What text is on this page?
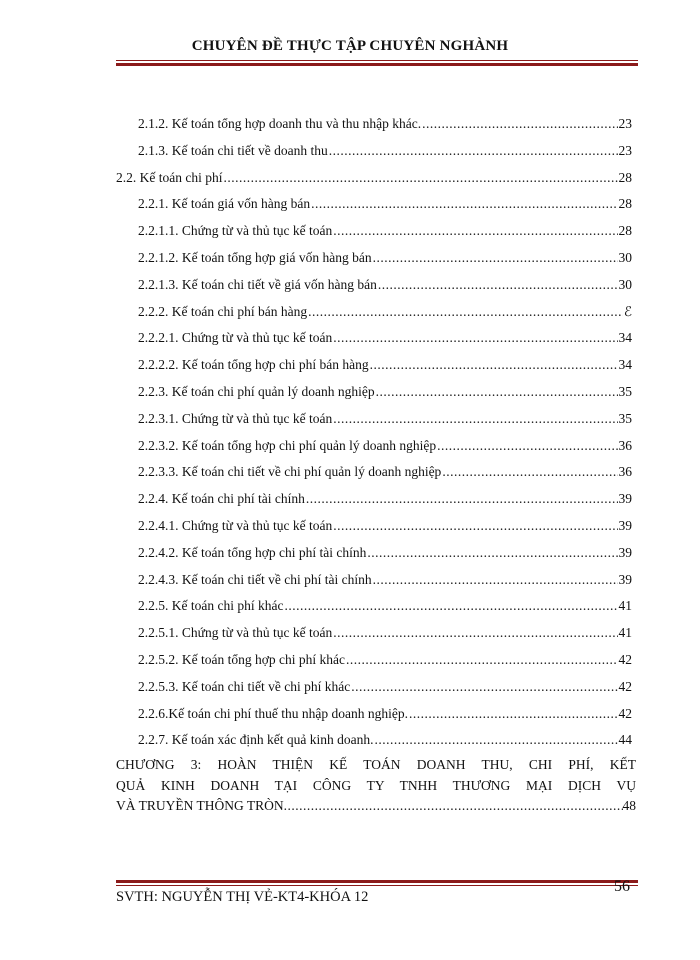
CHUYÊN ĐỀ THỰC TẬP CHUYÊN NGHÀNH
2.1.2. Kế toán tổng hợp doanh thu và thu nhập khác. .....	23
2.1.3. Kế toán chi tiết về doanh thu .....	23
2.2. Kế toán chi phí .....	28
2.2.1. Kế toán giá vốn hàng bán .....	28
2.2.1.1. Chứng từ và thủ tục kế toán .....	28
2.2.1.2. Kế toán tổng hợp giá vốn hàng bán .....	30
2.2.1.3. Kế toán chi tiết về giá vốn hàng bán .....	30
2.2.2. Kế toán chi phí bán hàng .....	ℰ
2.2.2.1. Chứng từ và thủ tục kế toán .....	34
2.2.2.2. Kế toán tổng hợp chi phí bán hàng .....	34
2.2.3. Kế toán chi phí quản lý doanh nghiệp .....	35
2.2.3.1. Chứng từ và thủ tục kế toán .....	35
2.2.3.2. Kế toán tổng hợp chi phí quản lý doanh nghiệp .....	36
2.2.3.3. Kế toán chi tiết về chi phí quản lý doanh nghiệp .....	36
2.2.4. Kế toán chi phí tài chính .....	39
2.2.4.1. Chứng từ và thủ tục kế toán .....	39
2.2.4.2. Kế toán tổng hợp chi phí tài chính .....	39
2.2.4.3. Kế toán chi tiết về chi phí tài chính .....	39
2.2.5. Kế toán chi phí khác .....	41
2.2.5.1. Chứng từ và thủ tục kế toán .....	41
2.2.5.2. Kế toán tổng hợp chi phí khác .....	42
2.2.5.3. Kế toán chi tiết về chi phí khác .....	42
2.2.6.Kế toán chi phí thuế thu nhập doanh nghiệp. .....	42
2.2.7. Kế toán xác định kết quả kinh doanh. .....	44
CHƯƠNG 3: HOÀN THIỆN KẾ TOÁN DOANH THU, CHI PHÍ, KẾT
QUẢ KINH DOANH TẠI CÔNG TY TNHH THƯƠNG MẠI DỊCH VỤ
VÀ TRUYỀN THÔNG TRÒN .....	48
SVTH: NGUYỄN THỊ VẺ-KT4-KHÓA 12
56
